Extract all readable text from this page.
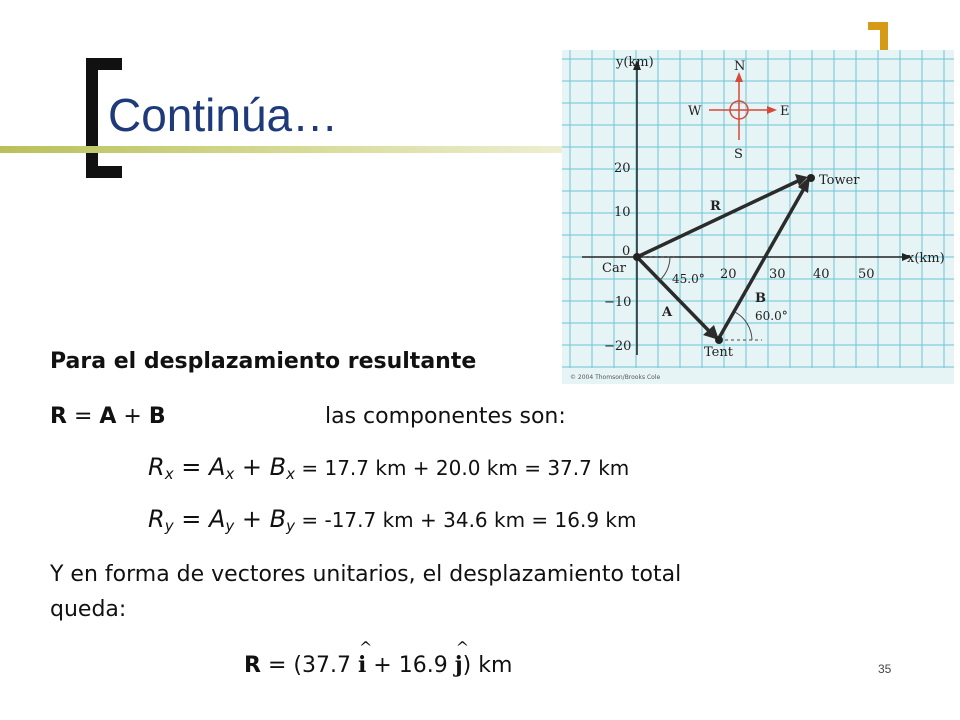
Continúa…
y(km)
x(km)
20 30 40 50
20
10
0
−10
−20
N
S
E
W
Car
Tent
Tower
A
B
R
45.0°
60.0°
© 2004 Thomson/Brooks Cole
Para el desplazamiento resultante
R = A + B	las componentes son:
$R_x = A_x + B_x = 17.7$ km + 20.0 km = 37.7 km
$R_y = A_y + B_y = -17.7$ km + 34.6 km = 16.9 km
Y en forma de vectores unitarios, el desplazamiento total
queda:
R = (37.7 ^ i + 16.9 ^ j) km	35
